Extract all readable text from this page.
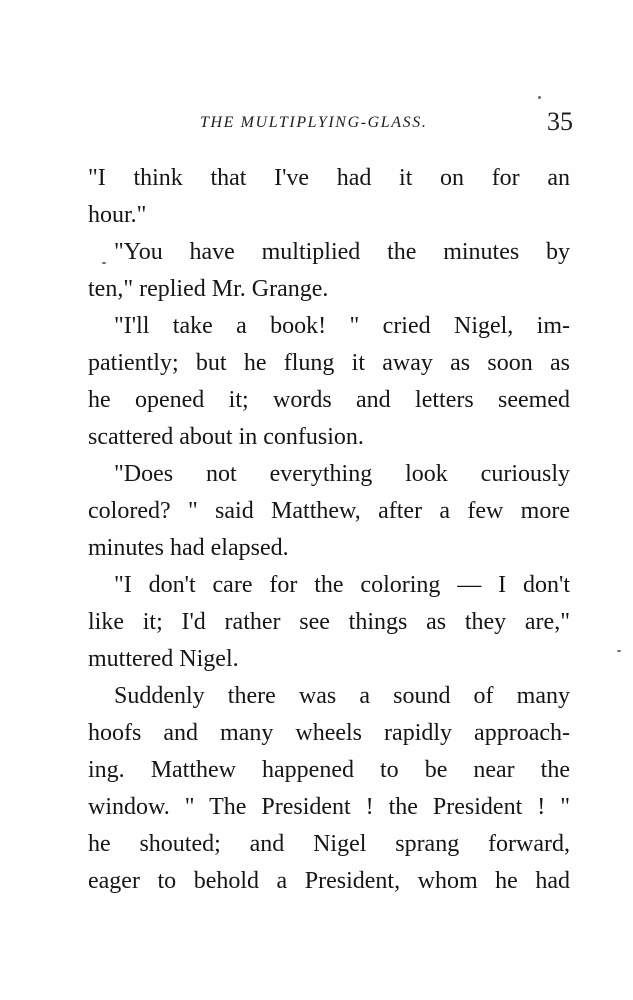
THE MULTIPLYING-GLASS.	35
"I think that I've had it on for an
hour."
"You have multiplied the minutes by
ten," replied Mr. Grange.
"I'll take a book! " cried Nigel, im-
patiently; but he flung it away as soon as
he opened it; words and letters seemed
scattered about in confusion.
"Does not everything look curiously
colored? " said Matthew, after a few more
minutes had elapsed.
"I don't care for the coloring — I don't
like it; I'd rather see things as they are,"
muttered Nigel.
Suddenly there was a sound of many
hoofs and many wheels rapidly approach-
ing. Matthew happened to be near the
window. " The President ! the President ! "
he shouted; and Nigel sprang forward,
eager to behold a President, whom he had
